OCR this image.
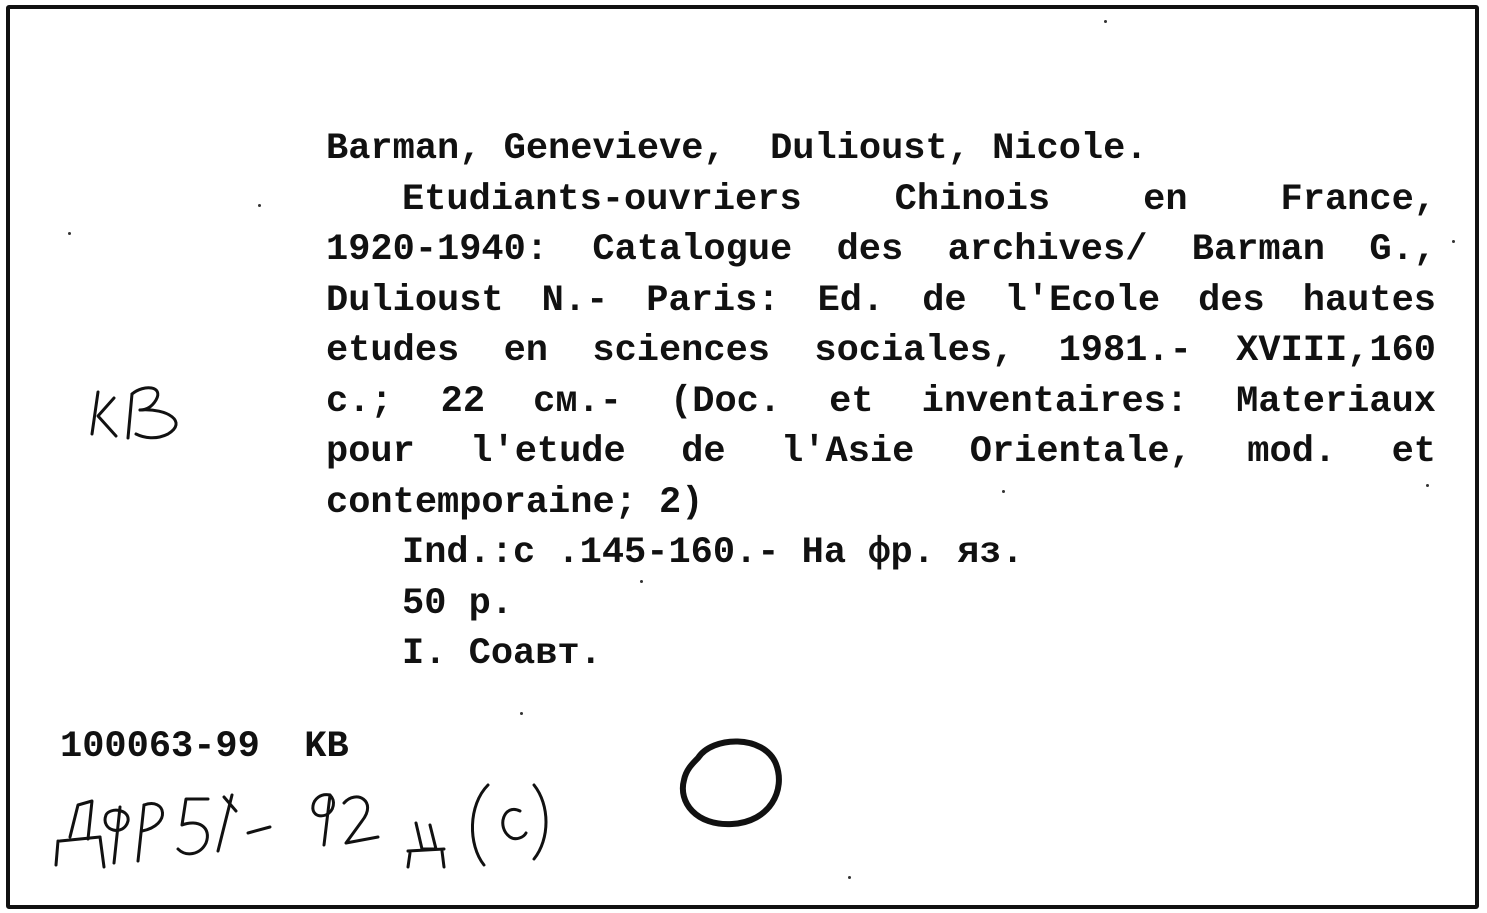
Barman, Genevieve,  Dulioust, Nicole.
Etudiants-ouvriers Chinois en France,
1920-1940: Catalogue des archives/ Barman G.,
Dulioust N.- Paris: Ed. de l'Ecole des hautes
etudes en sciences sociales, 1981.- XVIII,160
с.; 22 см.- (Doc. et inventaires: Materiaux
pour l'etude de l'Asie Orientale, mod. et
contemporaine; 2)
Ind.:c .145-160.- На фр. яз.
50 р.
I. Соавт.
100063-99  KB
